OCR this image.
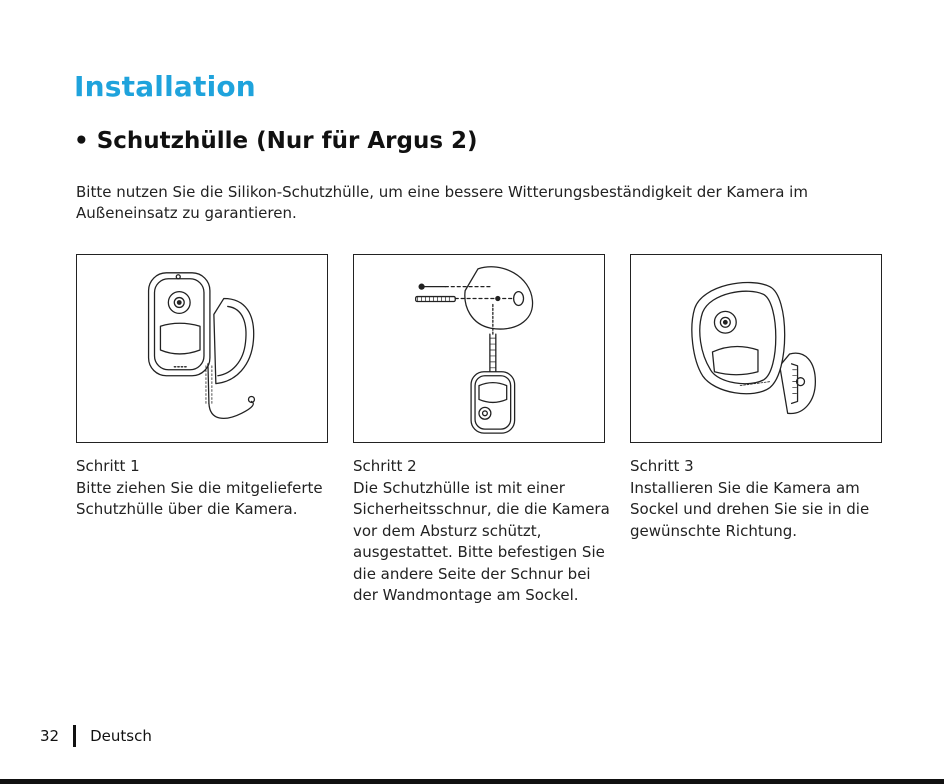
Installation
• Schutzhülle (Nur für Argus 2)
Bitte nutzen Sie die Silikon-Schutzhülle, um eine bessere Witterungsbeständigkeit der Kamera im Außeneinsatz zu garantieren.
Schritt 1
Bitte ziehen Sie die mitgelieferte Schutzhülle über die Kamera.
Schritt 2
Die Schutzhülle ist mit einer Sicherheitsschnur, die die Kamera vor dem Absturz schützt, ausgestattet. Bitte befestigen Sie die andere Seite der Schnur bei der Wandmontage am Sockel.
Schritt 3
Installieren Sie die Kamera am Sockel und drehen Sie sie in die gewünschte Richtung.
32 Deutsch
